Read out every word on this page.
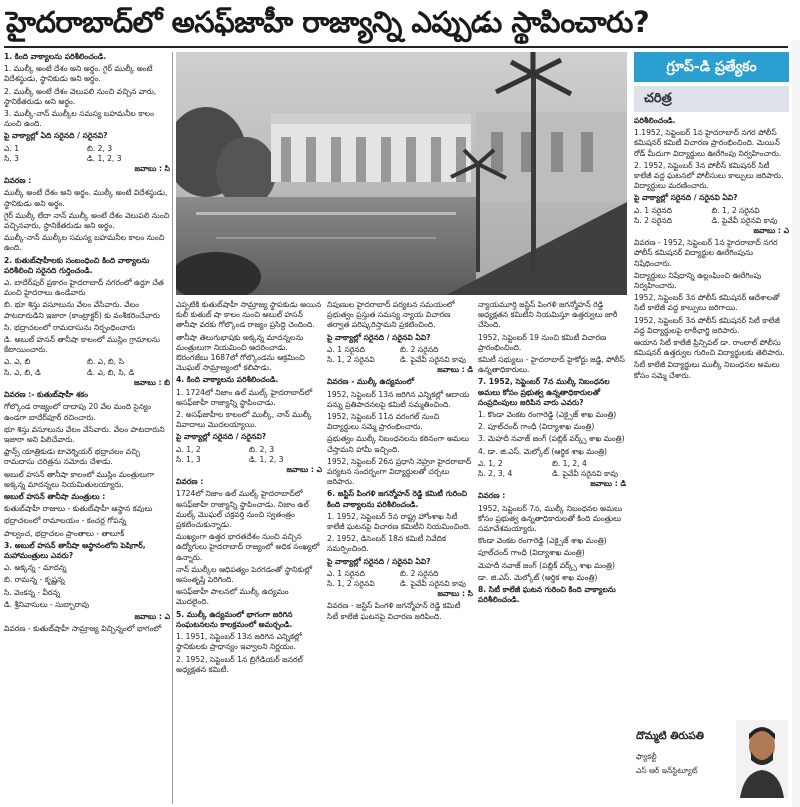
హైదరాబాద్‌లో అసఫ్‌జాహీ రాజ్యాన్ని ఎప్పుడు స్థాపించారు?

1. కింది వాక్యాలను పరిశీలించండి.

1. ముల్కీ అంటే దేశం అని అర్థం. గైర్‌ ముల్కీ అంటే విదేశస్థుడు, స్థానికుడు అని అర్థం.

2. ముల్కీ అంటే దేశం వెలుపలి నుంచి వచ్చిన వారు, స్థానికేతరుడు అని అర్థం.

3. ముల్కీ-నాన్‌ ముల్కీల సమస్య బహమనీల కాలం నుంచి ఉంది.

పై వాక్యాల్లో ఏది సరైనది / సరైనవి?

ఎ. 1	బి. 2, 3
సి. 3	డి. 1, 2, 3

జవాబు : సి

వివరణ :

ముల్కీ అంటే దేశం అని అర్థం. ముల్కీ అంటే విదేశస్థుడు, స్థానికుడు అని అర్థం.

గైర్‌ ముల్కీ లేదా నాన్‌ ముల్కీ అంటే దేశం వెలుపలి నుంచి వచ్చినవారు, స్థానికేతరుడు అని అర్థం.

ముల్కీ-నాన్‌ ముల్కీల సమస్య బహమనీల కాలం నుంచి ఉంది.

2. కుతుబ్‌షాహీలకు సంబంధించి కింది వాక్యాలను పరిశీలించి సరైనది గుర్తించండి.

ఎ. బాదేర్‌పుర్‌ ప్రకారం హైదరాబాద్‌ నగరంలో ఉర్దూ చేత మంచి హైదరాలు ఉండేవారు

బి. భూ శిస్తు వసూలును వేలం వేసేవారు. వేలం పాటదారుడిని ఇజారా (కాంట్రాక్టర్‌) కు వంశీకరించేవారు

సి. భద్రాచలంలో రామదాసును నిర్బంధించారు

డి. అబుల్‌ హసన్‌ తానీషా కాలంలో ముస్లిం గ్రామాలను కేటాయించారు.

ఎ. ఎ, బి	బి. ఎ, బి, సి
సి. ఎ, బి, డి	డి. ఎ, బి, సి, డి

జవాబు : బి

వివరణ :- కుతుబ్‌షాహీ శకం

గోల్కొండ రాజ్యంలో దాదాపు 20 వేల మంది సైన్యం ఉండగా బాదేర్‌పూర్‌ రచించారు.

భూ శిస్తు వసూలును వేలం వేసేవారు. వేలం పాటదారుని ఇజారా అని పిలిచేవారు.

ఫ్రాన్స్‌ యాత్రికుడు టావెర్నియర్‌ భద్రాచలం వచ్చి రామదాసు చరిత్రను నమోదు చేశాడు.

అబుల్‌ హసన్‌ తానీషా కాలంలో ముస్లిం మంత్రులుగా అక్కన్న మాదన్నలు నియమితులయ్యారు.

అబుల్‌ హసన్‌ తానీషా మంత్రులు :

కుతుబ్‌షాహీ రాజులు - కుతుబ్‌షాహీ ఆస్థాన కవులు

భద్రాచలంలో రామాలయం - కంచర్ల గోపన్న

పాల్వంచ, భద్రాచలం ప్రాంతాలు - తాలూక్‌

3. అబుల్‌ హసన్‌ తానీషా ఆస్థానంలోని పెషిగార్‌, మహామంత్రులు ఎవరు?

ఎ. అక్కన్న - మాదన్న

బి. రామన్న - కృష్ణన్న

సి. వెంకన్న - వీరన్న

డి. శ్రీనివాసులు - సుబ్బారావు

జవాబు : ఎ

వివరణ - కుతుబ్‌షాహీ సామ్రాజ్య విచ్ఛిన్నంలో భాగంలో

ఎప్పటికి కుతుబ్‌షాహీ సామ్రాజ్య స్థాపకుడు అయిన కులీ కుతుబ్‌ షా కాలం నుంచి అబుల్‌ హసన్‌ తానీషా వరకు గోల్కొండ రాజ్యం ప్రసిద్ధి చెందింది.

తానీషా తెలుగుభాషకు అక్కన్న మాదన్నలను మంత్రులుగా నియమించి ఆదరించాడు. ఔరంగజేబు 1687లో గోల్కొండను ఆక్రమించి మొఘల్‌ సామ్రాజ్యంలో కలిపాడు.

4. కింది వాక్యాలను పరిశీలించండి.

1. 1724లో నిజాం ఉల్‌ ముల్క్‌ హైదరాబాద్‌లో అసఫ్‌జాహీ రాజ్యాన్ని స్థాపించాడు.

2. అసఫ్‌జాహీల కాలంలో ముల్కీ, నాన్‌ ముల్కీ వివాదాలు మొదలయ్యాయి.

పై వాక్యాల్లో సరైనది / సరైనవి?

ఎ. 1, 2	బి. 2, 3
సి. 1, 3	డి. 1, 2, 3

జవాబు : ఎ

వివరణ :

1724లో నిజాం ఉల్‌ ముల్క్‌ హైదరాబాద్‌లో అసఫ్‌జాహీ రాజ్యాన్ని స్థాపించాడు. నిజాం ఉల్‌ ముల్క్‌ మొఘల్‌ చక్రవర్తి నుంచి స్వతంత్రం ప్రకటించుకున్నాడు.

ముఖ్యంగా ఉత్తర భారతదేశం నుంచి వచ్చిన ఉద్యోగులు హైదరాబాద్‌ రాజ్యంలో అధిక సంఖ్యలో ఉన్నారు.

నాన్‌ ముల్కీల ఆధిపత్యం పెరగడంతో స్థానికుల్లో అసంతృప్తి పెరిగింది.

అసఫ్‌జాహీ పాలనలో ముల్కీ ఉద్యమం మొదలైంది.

5. ముల్కీ ఉద్యమంలో భాగంగా జరిగిన సంఘటనలను కాలక్రమంలో అమర్చండి.

1. 1951, సెప్టెంబర్‌ 13న జరిగిన ఎన్నికల్లో స్థానికులకు ప్రాధాన్యం ఇవ్వాలని నిర్ణయం.

2. 1952, సెప్టెంబర్‌ 1న బ్రిగేడియర్‌ జనరల్‌ అధ్యక్షతన కమిటీ.

నిపుణుల హైదరాబాద్‌ పర్యటన సమయంలో ప్రభుత్వం ప్రస్తుత సమస్య న్యాయ విచారణ తర్వాత పరిష్కరిస్తామని ప్రకటించింది.

పై వాక్యాల్లో సరైనది / సరైనవి ఏవి?

ఎ. 1 సరైనది	బి. 2 సరైనది
సి. 1, 2 సరైనవి	డి. పైవేవీ సరైనవి కావు

జవాబు : డి

వివరణ - ముల్కీ ఉద్యమంలో

1952, సెప్టెంబర్‌ 13న జరిగిన ఎన్నికల్లో ఆదాయ పన్ను ప్రతిపాదనలపై కమిటీ సమ్మతించింది.

1952, సెప్టెంబర్‌ 11న వరంగల్‌ నుంచి విద్యార్థులు సమ్మె ప్రారంభించారు.

ప్రభుత్వం ముల్కీ నిబంధనలను కఠినంగా అమలు చేస్తామని హామీ ఇచ్చింది.

1952, సెప్టెంబర్‌ 26న ప్రధాని నెహ్రూ హైదరాబాద్‌ పర్యటన సందర్భంగా విద్యార్థులతో చర్చలు జరిపారు.

6. జస్టిస్‌ పింగళి జగన్మోహన్‌ రెడ్డి కమిటీ గురించి కింది వాక్యాలను పరిశీలించండి.

1. 1952, సెప్టెంబర్‌ 5న రాష్ట్ర హోంశాఖ సిటీ కాలేజీ ఘటనపై విచారణ కమిటీని నియమించింది.

2. 1952, డిసెంబర్‌ 18న కమిటీ నివేదిక సమర్పించింది.

పై వాక్యాల్లో సరైనది / సరైనవి ఏవి?

ఎ. 1 సరైనది	బి. 2 సరైనది
సి. 1, 2 సరైనవి	డి. పైవేవీ సరైనవి కావు

జవాబు : సి

వివరణ - జస్టిస్‌ పింగళి జగన్మోహన్‌ రెడ్డి కమిటీ సిటీ కాలేజీ ఘటనపై విచారణ జరిపింది.

న్యాయమూర్తి జస్టిస్‌ పింగళి జగన్మోహన్‌ రెడ్డి అధ్యక్షతన కమిటీని నియమిస్తూ ఉత్తర్వులు జారీ చేసింది.

1952, సెప్టెంబర్‌ 19 నుంచి కమిటీ విచారణ ప్రారంభించింది.

కమిటీ సభ్యులు - హైదరాబాద్‌ హైకోర్టు జడ్జి, పోలీస్‌ ఉన్నతాధికారులు.

7. 1952, సెప్టెంబర్‌ 7న ముల్కీ నిబంధనల అమలు కోసం ప్రభుత్వ ఉన్నతాధికారులతో సంప్రదింపులు జరిపిన వారు ఎవరు?

1. కొండా వెంకట రంగారెడ్డి (ఎక్సైజ్‌ శాఖ మంత్రి)

2. పూల్‌చంద్‌ గాంధీ (విద్యాశాఖ మంత్రి)

3. మెహదీ నవాజ్‌ జంగ్‌ (పబ్లిక్‌ వర్క్స్‌ శాఖ మంత్రి)

4. డా. జి.ఎస్‌. మెల్కోట్‌ (ఆర్థిక శాఖ మంత్రి)

ఎ. 1, 2	బి. 1, 2, 4
సి. 2, 3, 4	డి. పైవేవీ సరైనవి కావు

జవాబు : డి

వివరణ :

1952, సెప్టెంబర్‌ 7న, ముల్కీ నిబంధనల అమలు కోసం ప్రభుత్వ ఉన్నతాధికారులతో కింది మంత్రులు సమావేశమయ్యారు.

కొండా వెంకట రంగారెడ్డి (ఎక్సైజ్‌ శాఖ మంత్రి)

పూల్‌చంద్‌ గాంధీ (విద్యాశాఖ మంత్రి)

మెహదీ నవాజ్‌ జంగ్‌ (పబ్లిక్‌ వర్క్స్‌ శాఖ మంత్రి)

డా. జి.ఎస్‌. మెల్కోట్‌ (ఆర్థిక శాఖ మంత్రి)

8. సిటీ కాలేజీ ఘటన గురించి కింది వాక్యాలను పరిశీలించండి.

గ్రూప్‌-డి ప్రత్యేకం
చరిత్ర

పరిశీలించండి.

1.1952, సెప్టెంబర్‌ 1న హైదరాబాద్‌ నగర పోలీస్‌ కమిషనర్‌ కమిటీ విచారణ ప్రారంభించింది. మెయిన్‌ రోడ్‌ మీదుగా విద్యార్థులు ఊరేగింపు నిర్వహించారు.

2. 1952, సెప్టెంబర్‌ 3న పోలీస్‌ కమిషనర్‌ సిటీ కాలేజీ వద్ద ఘటనలో పోలీసులు కాల్పులు జరిపారు. విద్యార్థులు మరణించారు.

పై వాక్యాల్లో సరైనది / సరైనవి ఏవి?

ఎ. 1 సరైనది	బి. 1, 2 సరైనవి
సి. 2 సరైనది	డి. పైవేవీ సరైనవి కావు

జవాబు : ఎ

వివరణ - 1952, సెప్టెంబర్‌ 1న హైదరాబాద్‌ నగర పోలీస్‌ కమిషనర్‌ విద్యార్థుల ఊరేగింపును నిషేధించారు.

విద్యార్థులు నిషేధాన్ని ఉల్లంఘించి ఊరేగింపు నిర్వహించారు.

1952, సెప్టెంబర్‌ 3న పోలీస్‌ కమిషనర్‌ ఆదేశాలతో సిటీ కాలేజీ వద్ద కాల్పులు జరిగాయి.

1952, సెప్టెంబర్‌ 3న పోలీస్‌ కమిషనర్‌ సిటీ కాలేజీ వద్ద విద్యార్థులపై లాఠీఛార్జి జరిపారు.

ఆయాన సిటీ కాలేజీ ప్రిన్సిపల్‌ డా. రాంలాల్‌ పోలీసు కమిషనర్‌ ఉత్తర్వుల గురించి విద్యార్థులకు తెలిపారు.

సిటీ కాలేజీ విద్యార్థులు ముల్కీ నిబంధనల అమలు కోసం సమ్మె చేశారు.

దొమ్మటి తిరుపతి
ఫ్యాకల్టీ
ఎస్‌ ఆర్‌ ఇన్‌స్టిట్యూట్‌
